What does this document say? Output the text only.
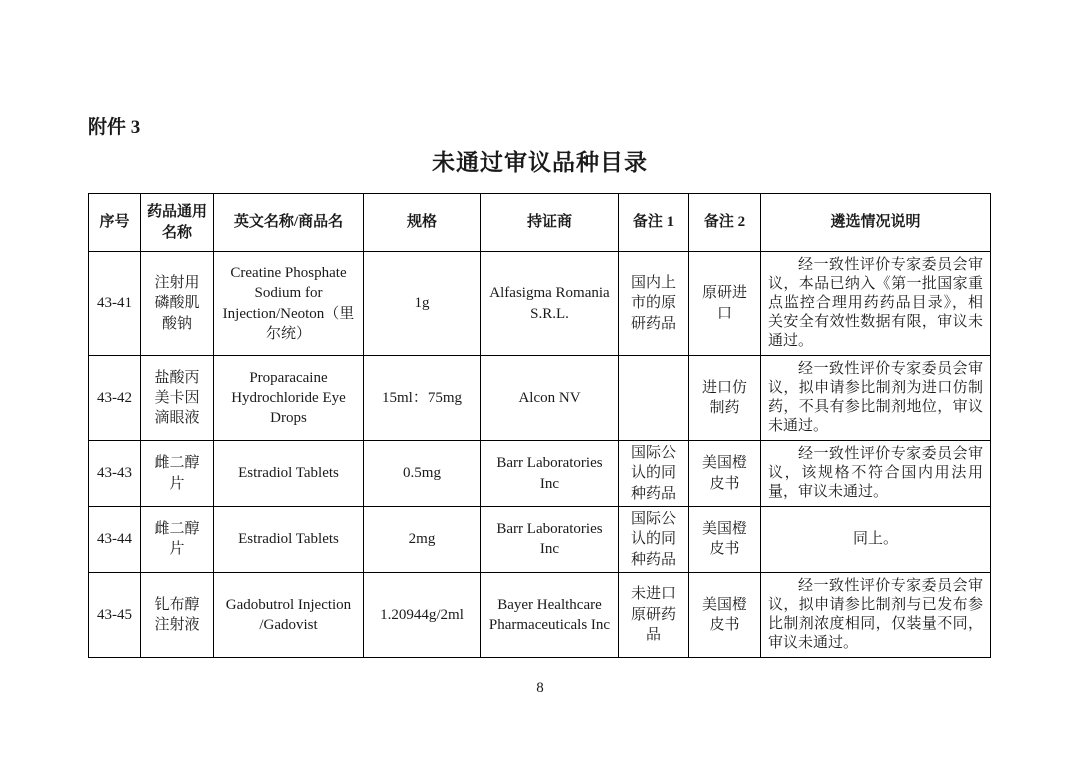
附件 3
未通过审议品种目录
序号	药品通用名称	英文名称/商品名	规格	持证商	备注 1	备注 2	遴选情况说明
43-41	注射用磷酸肌酸钠	Creatine Phosphate Sodium for Injection/Neoton（里尔统）	1g	Alfasigma Romania S.R.L.	国内上市的原研药品	原研进口	经一致性评价专家委员会审议，本品已纳入《第一批国家重点监控合理用药药品目录》，相关安全有效性数据有限，审议未通过。
43-42	盐酸丙美卡因滴眼液	Proparacaine Hydrochloride Eye Drops	15ml：75mg	Alcon NV		进口仿制药	经一致性评价专家委员会审议，拟申请参比制剂为进口仿制药，不具有参比制剂地位，审议未通过。
43-43	雌二醇片	Estradiol Tablets	0.5mg	Barr Laboratories Inc	国际公认的同种药品	美国橙皮书	经一致性评价专家委员会审议，该规格不符合国内用法用量，审议未通过。
43-44	雌二醇片	Estradiol Tablets	2mg	Barr Laboratories Inc	国际公认的同种药品	美国橙皮书	同上。
43-45	钆布醇注射液	Gadobutrol Injection /Gadovist	1.20944g/2ml	Bayer Healthcare Pharmaceuticals Inc	未进口原研药品	美国橙皮书	经一致性评价专家委员会审议，拟申请参比制剂与已发布参比制剂浓度相同，仅装量不同，审议未通过。
8
